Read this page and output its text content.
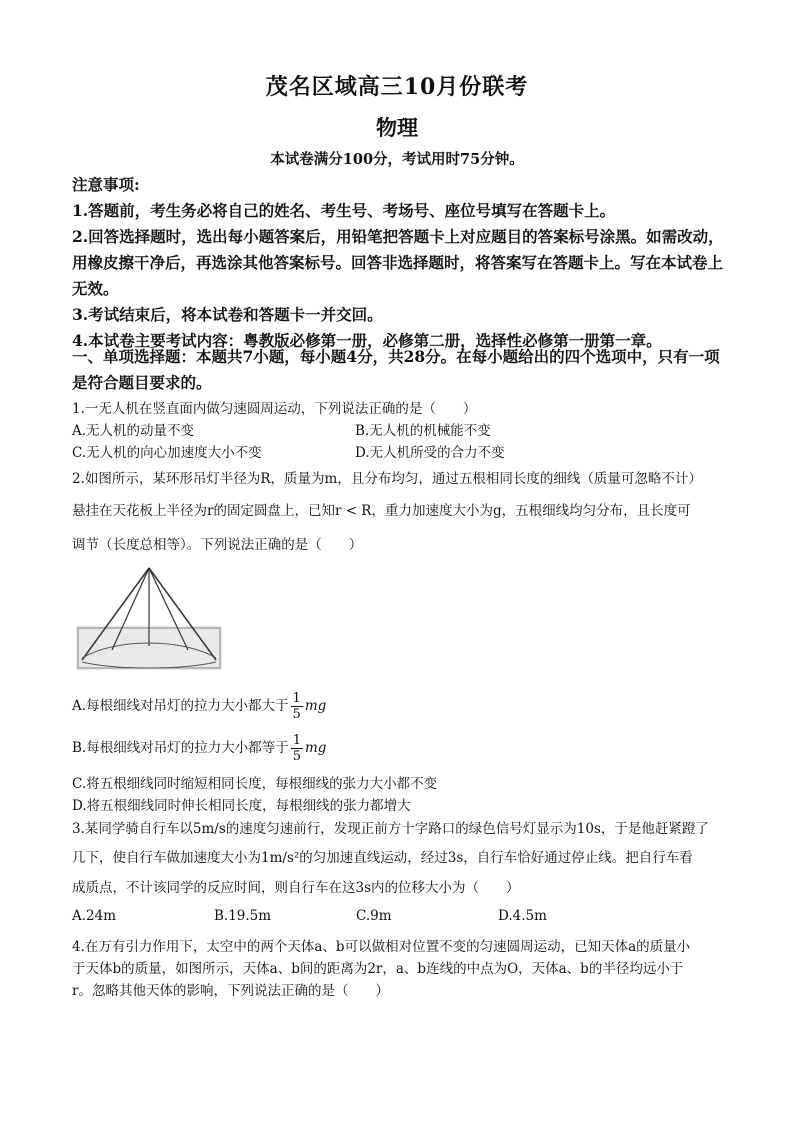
茂名区域高三10月份联考
物理
本试卷满分100分，考试用时75分钟。

注意事项:

1.答题前，考生务必将自己的姓名、考生号、考场号、座位号填写在答题卡上。

2.回答选择题时，选出每小题答案后，用铅笔把答题卡上对应题目的答案标号涂黑。如需改动，用橡皮擦干净后，再选涂其他答案标号。回答非选择题时，将答案写在答题卡上。写在本试卷上无效。

3.考试结束后，将本试卷和答题卡一并交回。

4.本试卷主要考试内容：粤教版必修第一册，必修第二册，选择性必修第一册第一章。

一、单项选择题：本题共7小题，每小题4分，共28分。在每小题给出的四个选项中，只有一项是符合题目要求的。

1.一无人机在竖直面内做匀速圆周运动，下列说法正确的是（　　）

A.无人机的动量不变	B.无人机的机械能不变
C.无人机的向心加速度大小不变	D.无人机所受的合力不变

2.如图所示，某环形吊灯半径为R，质量为m，且分布均匀，通过五根相同长度的细线（质量可忽略不计）

悬挂在天花板上半径为r的固定圆盘上，已知r < R，重力加速度大小为g，五根细线均匀分布，且长度可

调节（长度总相等）。下列说法正确的是（　　）

A.每根细线对吊灯的拉力大小都大于 $\frac{1}{5}$ mg
B.每根细线对吊灯的拉力大小都等于 $\frac{1}{5}$ mg

C.将五根细线同时缩短相同长度，每根细线的张力大小都不变

D.将五根细线同时伸长相同长度，每根细线的张力都增大

3.某同学骑自行车以5m/s的速度匀速前行，发现正前方十字路口的绿色信号灯显示为10s，于是他赶紧蹬了

几下，使自行车做加速度大小为1m/s²的匀加速直线运动，经过3s，自行车恰好通过停止线。把自行车看

成质点，不计该同学的反应时间，则自行车在这3s内的位移大小为（　　）

A.24m	B.19.5m	C.9m	D.4.5m

4.在万有引力作用下，太空中的两个天体a、b可以做相对位置不变的匀速圆周运动，已知天体a的质量小

于天体b的质量，如图所示，天体a、b间的距离为2r，a、b连线的中点为O，天体a、b的半径均远小于

r。忽略其他天体的影响，下列说法正确的是（　　）
